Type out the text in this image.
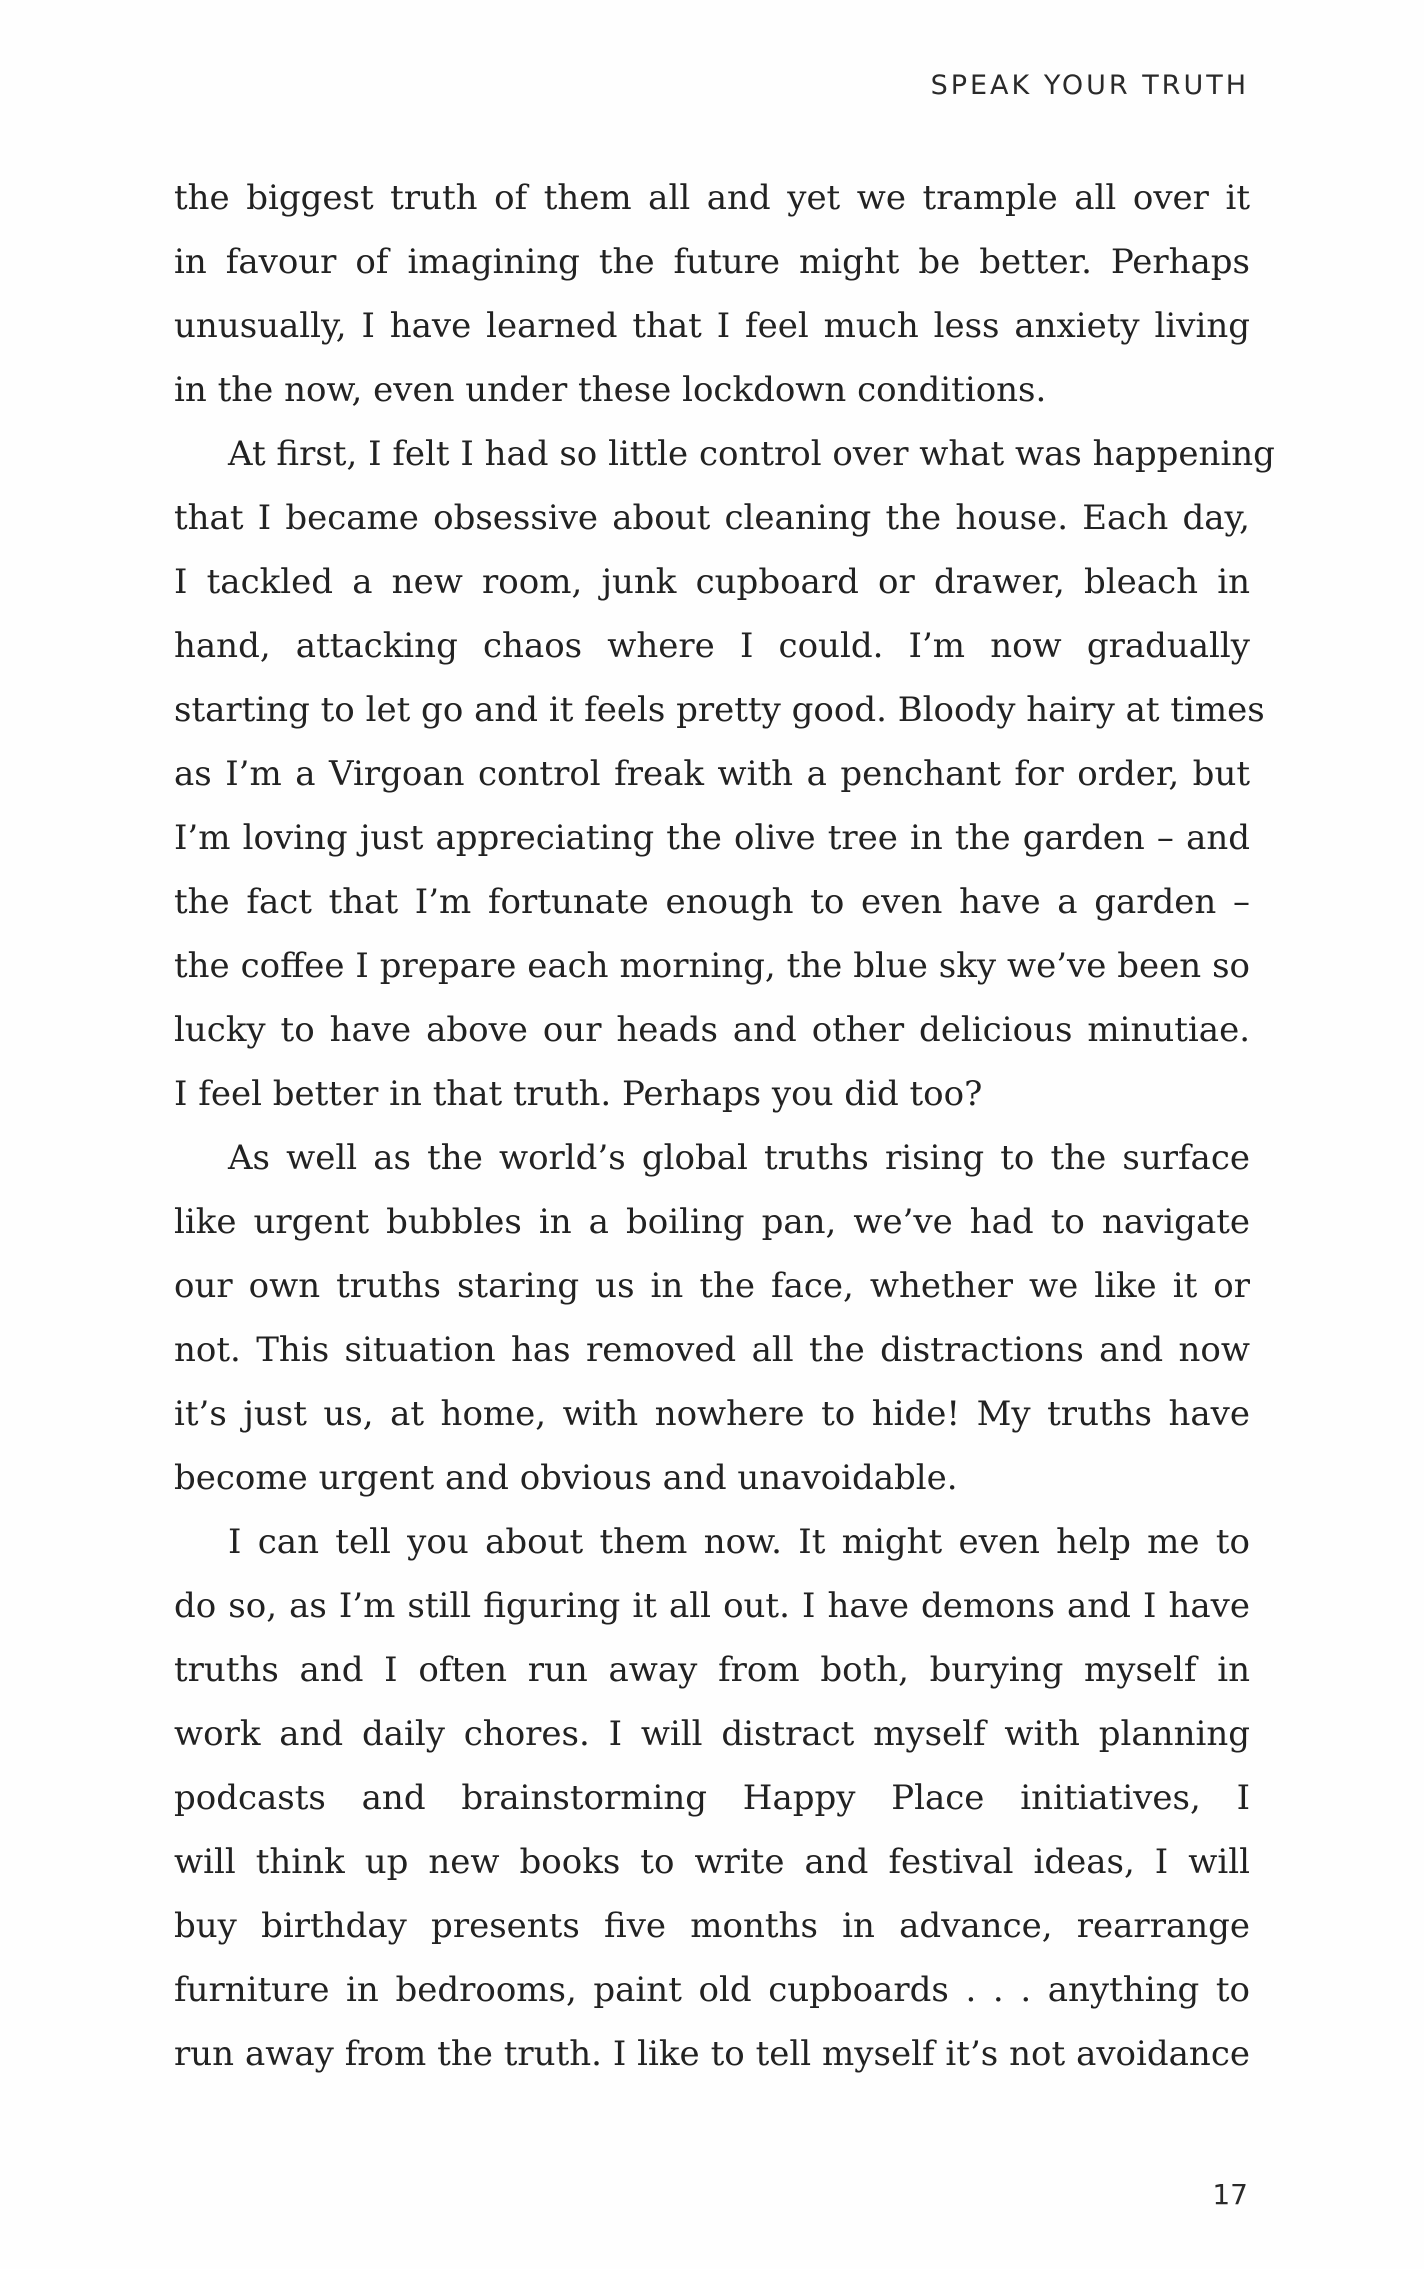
SPEAK YOUR TRUTH
the biggest truth of them all and yet we trample all over it
in favour of imagining the future might be better. Perhaps
unusually, I have learned that I feel much less anxiety living
in the now, even under these lockdown conditions.
At first, I felt I had so little control over what was happening
that I became obsessive about cleaning the house. Each day,
I tackled a new room, junk cupboard or drawer, bleach in
hand, attacking chaos where I could. I’m now gradually
starting to let go and it feels pretty good. Bloody hairy at times
as I’m a Virgoan control freak with a penchant for order, but
I’m loving just appreciating the olive tree in the garden – and
the fact that I’m fortunate enough to even have a garden –
the coffee I prepare each morning, the blue sky we’ve been so
lucky to have above our heads and other delicious minutiae.
I feel better in that truth. Perhaps you did too?
As well as the world’s global truths rising to the surface
like urgent bubbles in a boiling pan, we’ve had to navigate
our own truths staring us in the face, whether we like it or
not. This situation has removed all the distractions and now
it’s just us, at home, with nowhere to hide! My truths have
become urgent and obvious and unavoidable.
I can tell you about them now. It might even help me to
do so, as I’m still figuring it all out. I have demons and I have
truths and I often run away from both, burying myself in
work and daily chores. I will distract myself with planning
podcasts and brainstorming Happy Place initiatives, I
will think up new books to write and festival ideas, I will
buy birthday presents five months in advance, rearrange
furniture in bedrooms, paint old cupboards . . . anything to
run away from the truth. I like to tell myself it’s not avoidance
17
